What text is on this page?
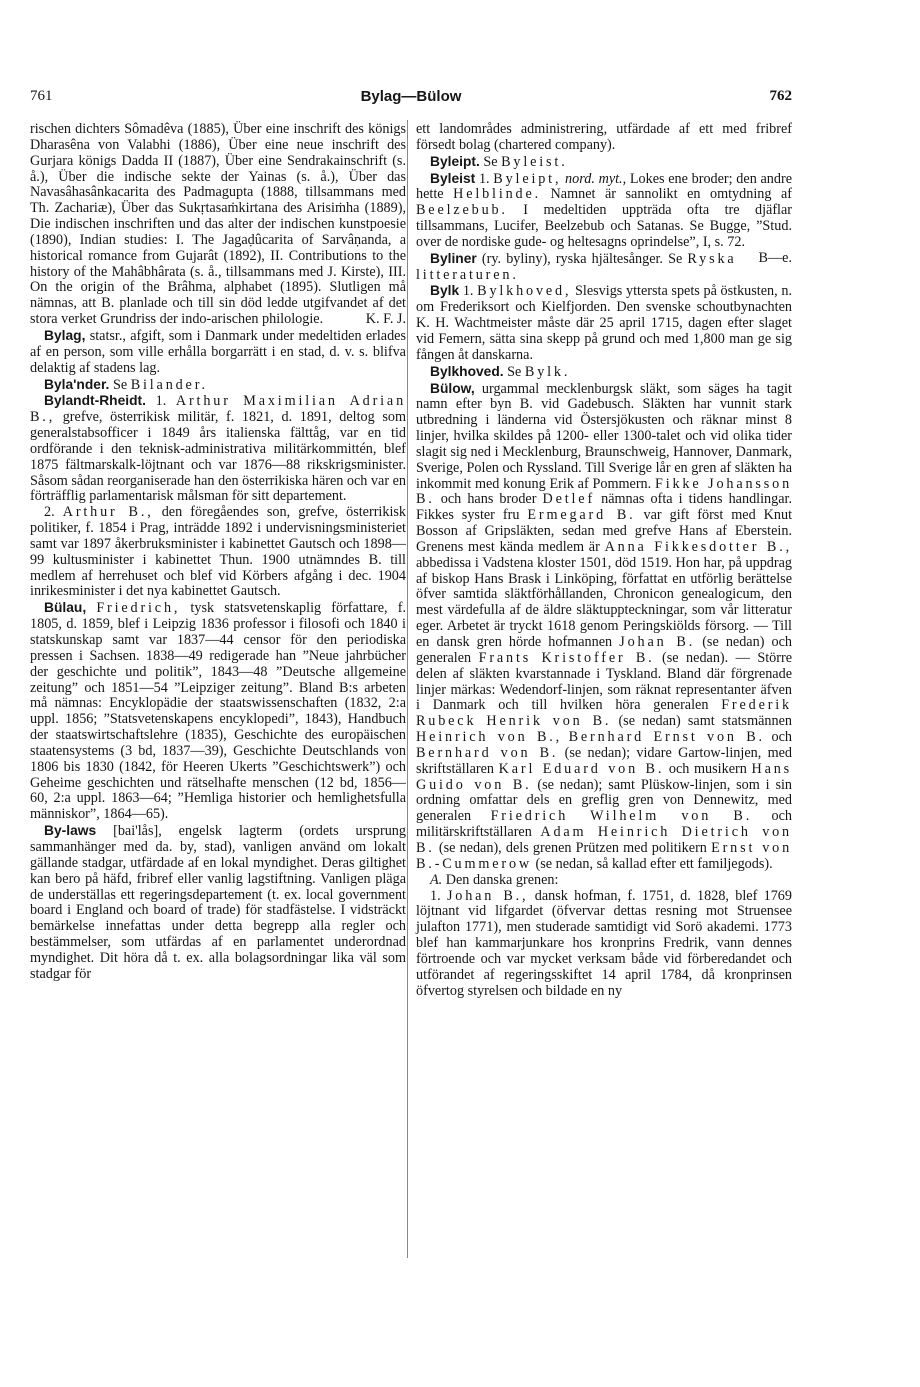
761	Bylag—Bülow	762

rischen dichters Sômadêva (1885), Über eine inschrift des königs Dharasêna von Valabhi (1886), Über eine neue inschrift des Gurjara königs Dadda II (1887), Über eine Sendrakainschrift (s. å.), Über die indische sekte der Yainas (s. å.), Über das Navasâhasânkacarita des Padmagupta (1888, tillsammans med Th. Zachariæ), Über das Sukṛtasaṁkirtana des Arisiṁha (1889), Die indischen inschriften und das alter der indischen kunstpoesie (1890), Indian studies: I. The Jagaḍûcarita of Sarvâṇanda, a historical romance from Gujarât (1892), II. Contributions to the history of the Mahâbhârata (s. å., tillsammans med J. Kirste), III. On the origin of the Brâhma, alphabet (1895). Slutligen må nämnas, att B. planlade och till sin död ledde utgifvandet af det stora verket Grundriss der indo-arischen philologie.	K. F. J.

Bylag, statsr., afgift, som i Danmark under medeltiden erlades af en person, som ville erhålla borgarrätt i en stad, d. v. s. blifva delaktig af stadens lag.

Byla'nder. Se Bilander.

Bylandt-Rheidt. 1. Arthur Maximilian Adrian B., grefve, österrikisk militär, f. 1821, d. 1891, deltog som generalstabsofficer i 1849 års italienska fälttåg, var en tid ordförande i den teknisk-administrativa militärkommittén, blef 1875 fältmarskalk-löjtnant och var 1876—88 rikskrigsminister. Såsom sådan reorganiserade han den österrikiska hären och var en förträfflig parlamentarisk målsman för sitt departement.

2. Arthur B., den föregåendes son, grefve, österrikisk politiker, f. 1854 i Prag, inträdde 1892 i undervisningsministeriet samt var 1897 åkerbruksminister i kabinettet Gautsch och 1898—99 kultusminister i kabinettet Thun. 1900 utnämndes B. till medlem af herrehuset och blef vid Körbers afgång i dec. 1904 inrikesminister i det nya kabinettet Gautsch.

Bülau, Friedrich, tysk statsvetenskaplig författare, f. 1805, d. 1859, blef i Leipzig 1836 professor i filosofi och 1840 i statskunskap samt var 1837—44 censor för den periodiska pressen i Sachsen. 1838—49 redigerade han ”Neue jahrbücher der geschichte und politik”, 1843—48 ”Deutsche allgemeine zeitung” och 1851—54 ”Leipziger zeitung”. Bland B:s arbeten må nämnas: Encyklopädie der staatswissenschaften (1832, 2:a uppl. 1856; ”Statsvetenskapens encyklopedi”, 1843), Handbuch der staatswirtschaftslehre (1835), Geschichte des europäischen staatensystems (3 bd, 1837—39), Geschichte Deutschlands von 1806 bis 1830 (1842, för Heeren Ukerts ”Geschichtswerk”) och Geheime geschichten und rätselhafte menschen (12 bd, 1856—60, 2:a uppl. 1863—64; ”Hemliga historier och hemlighetsfulla människor”, 1864—65).

By-laws [bai'lås], engelsk lagterm (ordets ursprung sammanhänger med da. by, stad), vanligen använd om lokalt gällande stadgar, utfärdade af en lokal myndighet. Deras giltighet kan bero på häfd, fribref eller vanlig lagstiftning. Vanligen pläga de underställas ett regeringsdepartement (t. ex. local government board i England och board of trade) för stadfästelse. I vidsträckt bemärkelse innefattas under detta begrepp alla regler och bestämmelser, som utfärdas af en parlamentet underordnad myndighet. Dit höra då t. ex. alla bolagsordningar lika väl som stadgar för

ett landområdes administrering, utfärdade af ett med fribref försedt bolag (chartered company).

Byleipt. Se Byleist.

Byleist 1. Byleipt, nord. myt., Lokes ene broder; den andre hette Helblinde. Namnet är sannolikt en omtydning af Beelzebub. I medeltiden uppträda ofta tre djäflar tillsammans, Lucifer, Beelzebub och Satanas. Se Bugge, ”Stud. over de nordiske gude- og heltesagns oprindelse”, I, s. 72.
B—e.

Byliner (ry. byliny), ryska hjältesånger. Se Ryska litteraturen.

Bylk 1. Bylkhoved, Slesvigs yttersta spets på östkusten, n. om Frederiksort och Kielfjorden. Den svenske schoutbynachten K. H. Wachtmeister måste där 25 april 1715, dagen efter slaget vid Femern, sätta sina skepp på grund och med 1,800 man ge sig fången åt danskarna.

Bylkhoved. Se Bylk.

Bülow, urgammal mecklenburgsk släkt, som säges ha tagit namn efter byn B. vid Gadebusch. Släkten har vunnit stark utbredning i länderna vid Östersjökusten och räknar minst 8 linjer, hvilka skildes på 1200- eller 1300-talet och vid olika tider slagit sig ned i Mecklenburg, Braunschweig, Hannover, Danmark, Sverige, Polen och Ryssland. Till Sverige lår en gren af släkten ha inkommit med konung Erik af Pommern. Fikke Johansson B. och hans broder Detlef nämnas ofta i tidens handlingar. Fikkes syster fru Ermegard B. var gift först med Knut Bosson af Gripsläkten, sedan med grefve Hans af Eberstein. Grenens mest kända medlem är Anna Fikkesdotter B., abbedissa i Vadstena kloster 1501, död 1519. Hon har, på uppdrag af biskop Hans Brask i Linköping, författat en utförlig berättelse öfver samtida släktförhållanden, Chronicon genealogicum, den mest värdefulla af de äldre släktuppteckningar, som vår litteratur eger. Arbetet är tryckt 1618 genom Peringskiölds försorg. — Till en dansk gren hörde hofmannen Johan B. (se nedan) och generalen Frants Kristoffer B. (se nedan). — Större delen af släkten kvarstannade i Tyskland. Bland där förgrenade linjer märkas: Wedendorf-linjen, som räknat representanter äfven i Danmark och till hvilken höra generalen Frederik Rubeck Henrik von B. (se nedan) samt statsmännen Heinrich von B., Bernhard Ernst von B. och Bernhard von B. (se nedan); vidare Gartow-linjen, med skriftställaren Karl Eduard von B. och musikern Hans Guido von B. (se nedan); samt Plüskow-linjen, som i sin ordning omfattar dels en greflig gren von Dennewitz, med generalen Friedrich Wilhelm von B. och militärskriftställaren Adam Heinrich Dietrich von B. (se nedan), dels grenen Prützen med politikern Ernst von B.-Cummerow (se nedan, så kallad efter ett familjegods).

A. Den danska grenen:

1. Johan B., dansk hofman, f. 1751, d. 1828, blef 1769 löjtnant vid lifgardet (öfvervar dettas resning mot Struensee julafton 1771), men studerade samtidigt vid Sorö akademi. 1773 blef han kammarjunkare hos kronprins Fredrik, vann dennes förtroende och var mycket verksam både vid förberedandet och utförandet af regeringsskiftet 14 april 1784, då kronprinsen öfvertog styrelsen och bildade en ny
